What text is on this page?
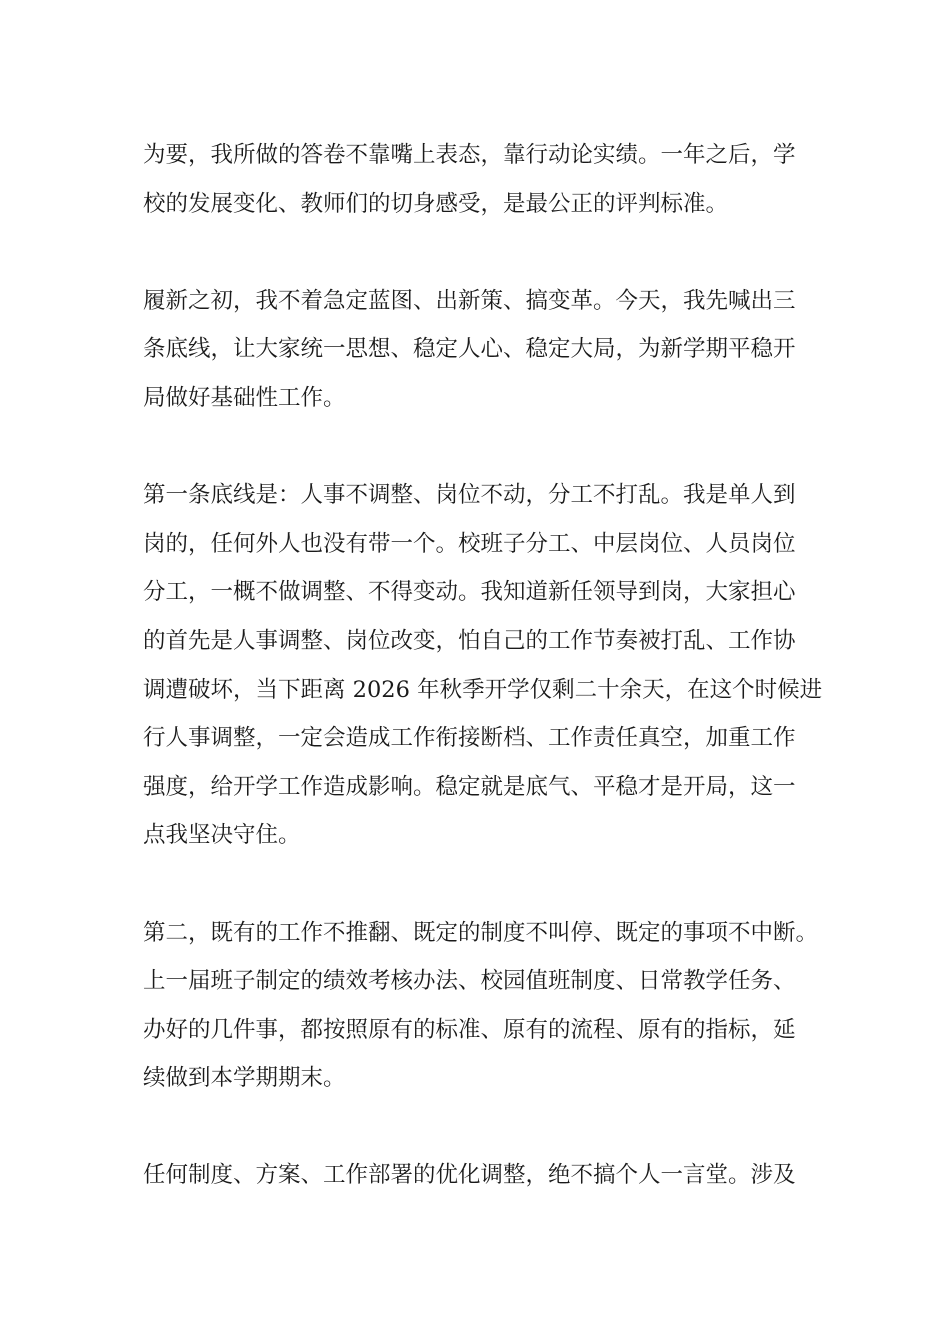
为要，我所做的答卷不靠嘴上表态，靠行动论实绩。一年之后，学
校的发展变化、教师们的切身感受，是最公正的评判标准。

履新之初，我不着急定蓝图、出新策、搞变革。今天，我先喊出三
条底线，让大家统一思想、稳定人心、稳定大局，为新学期平稳开
局做好基础性工作。

第一条底线是：人事不调整、岗位不动，分工不打乱。我是单人到
岗的，任何外人也没有带一个。校班子分工、中层岗位、人员岗位
分工，一概不做调整、不得变动。我知道新任领导到岗，大家担心
的首先是人事调整、岗位改变，怕自己的工作节奏被打乱、工作协
调遭破坏，当下距离 2026 年秋季开学仅剩二十余天，在这个时候进
行人事调整，一定会造成工作衔接断档、工作责任真空，加重工作
强度，给开学工作造成影响。稳定就是底气、平稳才是开局，这一
点我坚决守住。

第二，既有的工作不推翻、既定的制度不叫停、既定的事项不中断。
上一届班子制定的绩效考核办法、校园值班制度、日常教学任务、
办好的几件事，都按照原有的标准、原有的流程、原有的指标，延
续做到本学期期末。

任何制度、方案、工作部署的优化调整，绝不搞个人一言堂。涉及
